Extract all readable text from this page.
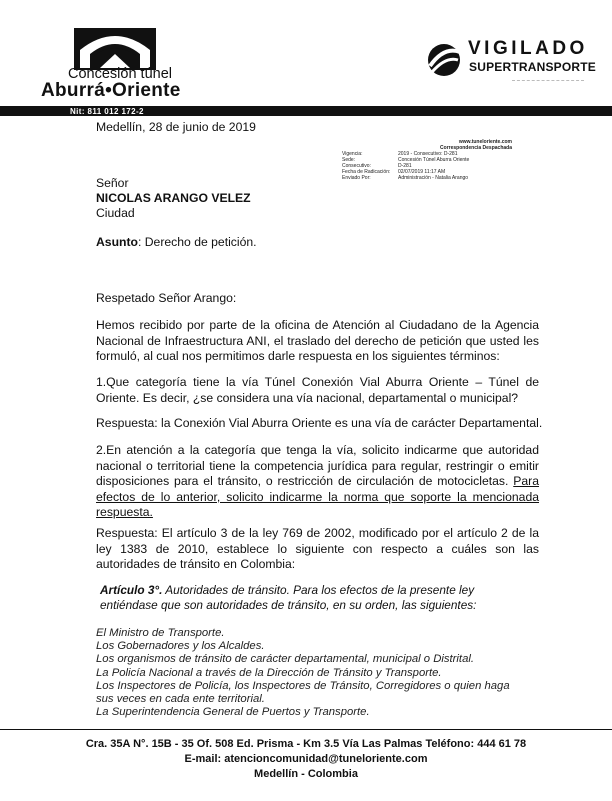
Concesión túnel
Aburrá•Oriente
VIGILADO
SUPERTRANSPORTE
Nit: 811 012 172-2
www.tuneloriente.com
Correspondencia Despachada
Vigencia:	2019 - Consecutivo: D-281
Sede:	Concesión Túnel Aburra Oriente
Consecutivo:	D-281
Fecha de Radicación:	02/07/2019 11:17 AM
Enviado Por:	Administración - Natalia Arango
Medellín, 28 de junio de 2019
Señor
NICOLAS ARANGO VELEZ
Ciudad
Asunto: Derecho de petición.
Respetado Señor Arango:
Hemos recibido por parte de la oficina de Atención al Ciudadano de la Agencia Nacional de Infraestructura ANI, el traslado del derecho de petición que usted les formuló, al cual nos permitimos darle respuesta en los siguientes términos:
1.Que categoría tiene la vía Túnel Conexión Vial Aburra Oriente – Túnel de Oriente. Es decir, ¿se considera una vía nacional, departamental o municipal?
Respuesta: la Conexión Vial Aburra Oriente es una vía de carácter Departamental.
2.En atención a la categoría que tenga la vía, solicito indicarme que autoridad nacional o territorial tiene la competencia jurídica para regular, restringir o emitir disposiciones para el tránsito, o restricción de circulación de motocicletas. Para efectos de lo anterior, solicito indicarme la norma que soporte la mencionada respuesta.
Respuesta: El artículo 3 de la ley 769 de 2002, modificado por el artículo 2 de la ley 1383 de 2010, establece lo siguiente con respecto a cuáles son las autoridades de tránsito en Colombia:
Artículo 3°. Autoridades de tránsito. Para los efectos de la presente ley entiéndase que son autoridades de tránsito, en su orden, las siguientes:
El Ministro de Transporte.
Los Gobernadores y los Alcaldes.
Los organismos de tránsito de carácter departamental, municipal o Distrital.
La Policía Nacional a través de la Dirección de Tránsito y Transporte.
Los Inspectores de Policía, los Inspectores de Tránsito, Corregidores o quien haga sus veces en cada ente territorial.
La Superintendencia General de Puertos y Transporte.
Cra. 35A N°. 15B - 35 Of. 508 Ed. Prisma - Km 3.5 Vía Las Palmas Teléfono: 444 61 78
E-mail: atencioncomunidad@tuneloriente.com
Medellín - Colombia
